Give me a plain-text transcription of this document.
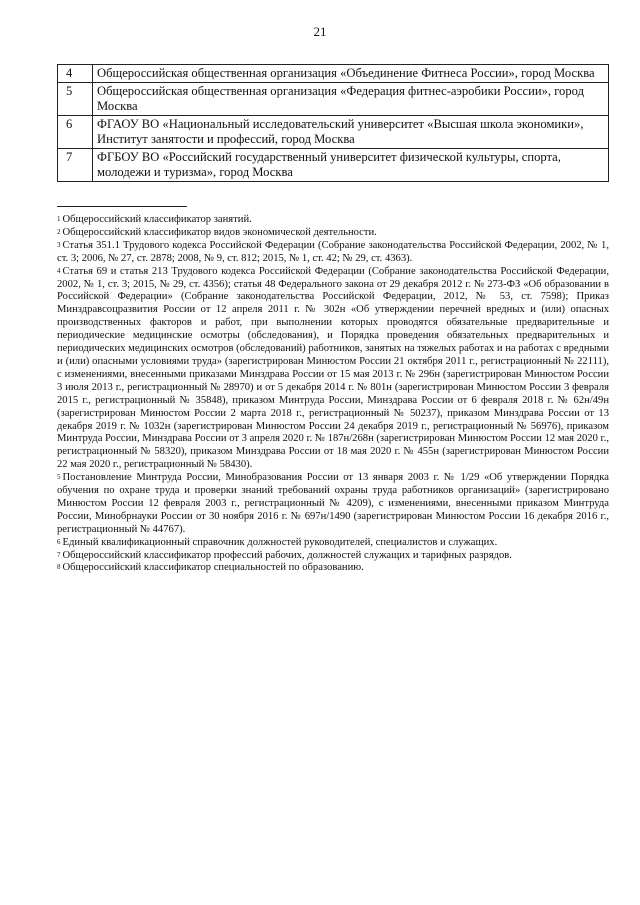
21
4	Общероссийская общественная организация «Объединение Фитнеса России», город Москва
5	Общероссийская общественная организация «Федерация фитнес-аэробики России», город Москва
6	ФГАОУ ВО «Национальный исследовательский университет «Высшая школа экономики», Институт занятости и профессий, город Москва
7	ФГБОУ ВО «Российский государственный университет физической культуры, спорта, молодежи и туризма», город Москва

$^1$ Общероссийский классификатор занятий.

$^2$ Общероссийский классификатор видов экономической деятельности.

$^3$ Статья 351.1 Трудового кодекса Российской Федерации (Собрание законодательства Российской Федерации, 2002, № 1, ст. 3; 2006, № 27, ст. 2878; 2008, № 9, ст. 812; 2015, № 1, ст. 42; № 29, ст. 4363).

$^4$ Статья 69 и статья 213 Трудового кодекса Российской Федерации (Собрание законодательства Российской Федерации, 2002, № 1, ст. 3; 2015, № 29, ст. 4356); статья 48 Федерального закона от 29 декабря 2012 г. № 273-ФЗ «Об образовании в Российской Федерации» (Собрание законодательства Российской Федерации, 2012, № 53, ст. 7598); Приказ Минздравсоцразвития России от 12 апреля 2011 г. № 302н «Об утверждении перечней вредных и (или) опасных производственных факторов и работ, при выполнении которых проводятся обязательные предварительные и периодические медицинские осмотры (обследования), и Порядка проведения обязательных предварительных и периодических медицинских осмотров (обследований) работников, занятых на тяжелых работах и на работах с вредными и (или) опасными условиями труда» (зарегистрирован Минюстом России 21 октября 2011 г., регистрационный № 22111), с изменениями, внесенными приказами Минздрава России от 15 мая 2013 г. № 296н (зарегистрирован Минюстом России 3 июля 2013 г., регистрационный № 28970) и от 5 декабря 2014 г. № 801н (зарегистрирован Минюстом России 3 февраля 2015 г., регистрационный № 35848), приказом Минтруда России, Минздрава России от 6 февраля 2018 г. № 62н/49н (зарегистрирован Минюстом России 2 марта 2018 г., регистрационный № 50237), приказом Минздрава России от 13 декабря 2019 г. № 1032н (зарегистрирован Минюстом России 24 декабря 2019 г., регистрационный № 56976), приказом Минтруда России, Минздрава России от 3 апреля 2020 г. № 187н/268н (зарегистрирован Минюстом России 12 мая 2020 г., регистрационный № 58320), приказом Минздрава России от 18 мая 2020 г. № 455н (зарегистрирован Минюстом России 22 мая 2020 г., регистрационный № 58430).

$^5$ Постановление Минтруда России, Минобразования России от 13 января 2003 г. № 1/29 «Об утверждении Порядка обучения по охране труда и проверки знаний требований охраны труда работников организаций» (зарегистрировано Минюстом России 12 февраля 2003 г., регистрационный № 4209), с изменениями, внесенными приказом Минтруда России, Минобрнауки России от 30 ноября 2016 г. № 697н/1490 (зарегистрирован Минюстом России 16 декабря 2016 г., регистрационный № 44767).

$^6$ Единый квалификационный справочник должностей руководителей, специалистов и служащих.

$^7$ Общероссийский классификатор профессий рабочих, должностей служащих и тарифных разрядов.

$^8$ Общероссийский классификатор специальностей по образованию.
